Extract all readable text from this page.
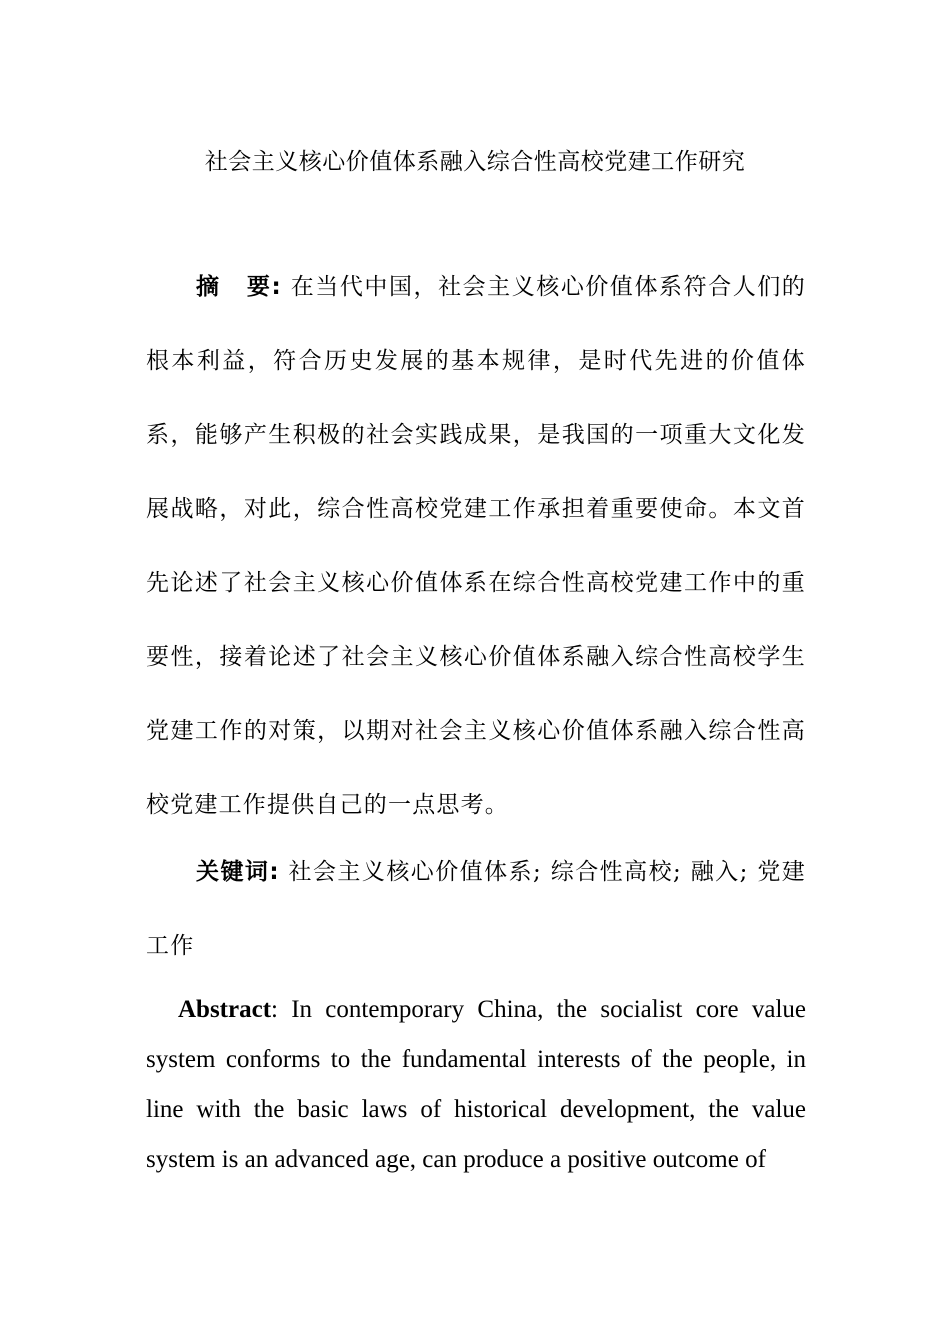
社会主义核心价值体系融入综合性高校党建工作研究
摘 要: 在当代中国，社会主义核心价值体系符合人们的根本利益，符合历史发展的基本规律，是时代先进的价值体系，能够产生积极的社会实践成果，是我国的一项重大文化发展战略，对此，综合性高校党建工作承担着重要使命。本文首先论述了社会主义核心价值体系在综合性高校党建工作中的重要性，接着论述了社会主义核心价值体系融入综合性高校学生党建工作的对策，以期对社会主义核心价值体系融入综合性高校党建工作提供自己的一点思考。
关键词: 社会主义核心价值体系; 综合性高校; 融入; 党建工作
Abstract: In contemporary China, the socialist core value system conforms to the fundamental interests of the people, in line with the basic laws of historical development, the value system is an advanced age, can produce a positive outcome of
